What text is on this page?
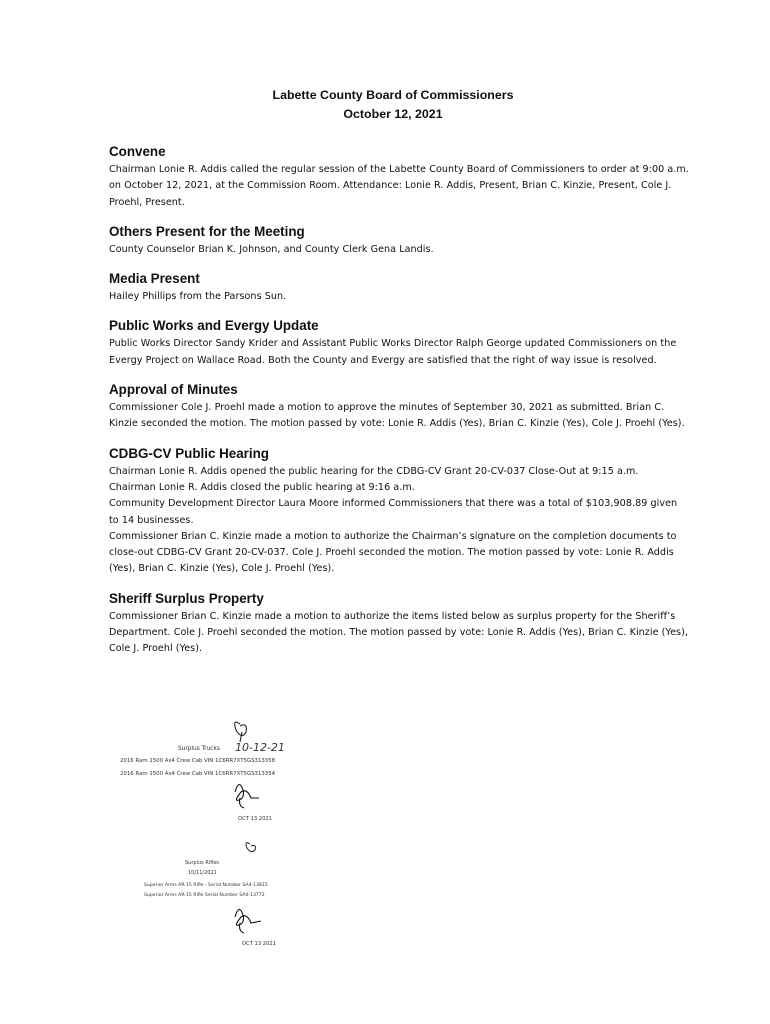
Labette County Board of Commissioners
October 12, 2021
Convene

Chairman Lonie R. Addis called the regular session of the Labette County Board of Commissioners to order at 9:00 a.m. on October 12, 2021, at the Commission Room. Attendance: Lonie R. Addis, Present, Brian C. Kinzie, Present, Cole J. Proehl, Present.

Others Present for the Meeting

County Counselor Brian K. Johnson, and County Clerk Gena Landis.

Media Present

Hailey Phillips from the Parsons Sun.

Public Works and Evergy Update

Public Works Director Sandy Krider and Assistant Public Works Director Ralph George updated Commissioners on the Evergy Project on Wallace Road. Both the County and Evergy are satisfied that the right of way issue is resolved.

Approval of Minutes

Commissioner Cole J. Proehl made a motion to approve the minutes of September 30, 2021 as submitted. Brian C. Kinzie seconded the motion. The motion passed by vote: Lonie R. Addis (Yes), Brian C. Kinzie (Yes), Cole J. Proehl (Yes).

CDBG-CV Public Hearing

Chairman Lonie R. Addis opened the public hearing for the CDBG-CV Grant 20-CV-037 Close-Out at 9:15 a.m.

Chairman Lonie R. Addis closed the public hearing at 9:16 a.m.

Community Development Director Laura Moore informed Commissioners that there was a total of $103,908.89 given to 14 businesses.

Commissioner Brian C. Kinzie made a motion to authorize the Chairman’s signature on the completion documents to close-out CDBG-CV Grant 20-CV-037. Cole J. Proehl seconded the motion. The motion passed by vote: Lonie R. Addis (Yes), Brian C. Kinzie (Yes), Cole J. Proehl (Yes).

Sheriff Surplus Property

Commissioner Brian C. Kinzie made a motion to authorize the items listed below as surplus property for the Sheriff’s Department. Cole J. Proehl seconded the motion. The motion passed by vote: Lonie R. Addis (Yes), Brian C. Kinzie (Yes), Cole J. Proehl (Yes).

Surplus Trucks 10-12-21
2016 Ram 1500 4x4 Crew Cab VIN 1C6RR7XT5GS313358
2016 Ram 1500 4x4 Crew Cab VIN 1C6RR7XT5GS313354
OCT 13 2021
Surplus Rifles
10/11/2021
Superior Arms AR-15 Rifle - Serial Number SA4-13815
Superior Arms AR-15 Rifle Serial Number SA4-13772
OCT 13 2021
